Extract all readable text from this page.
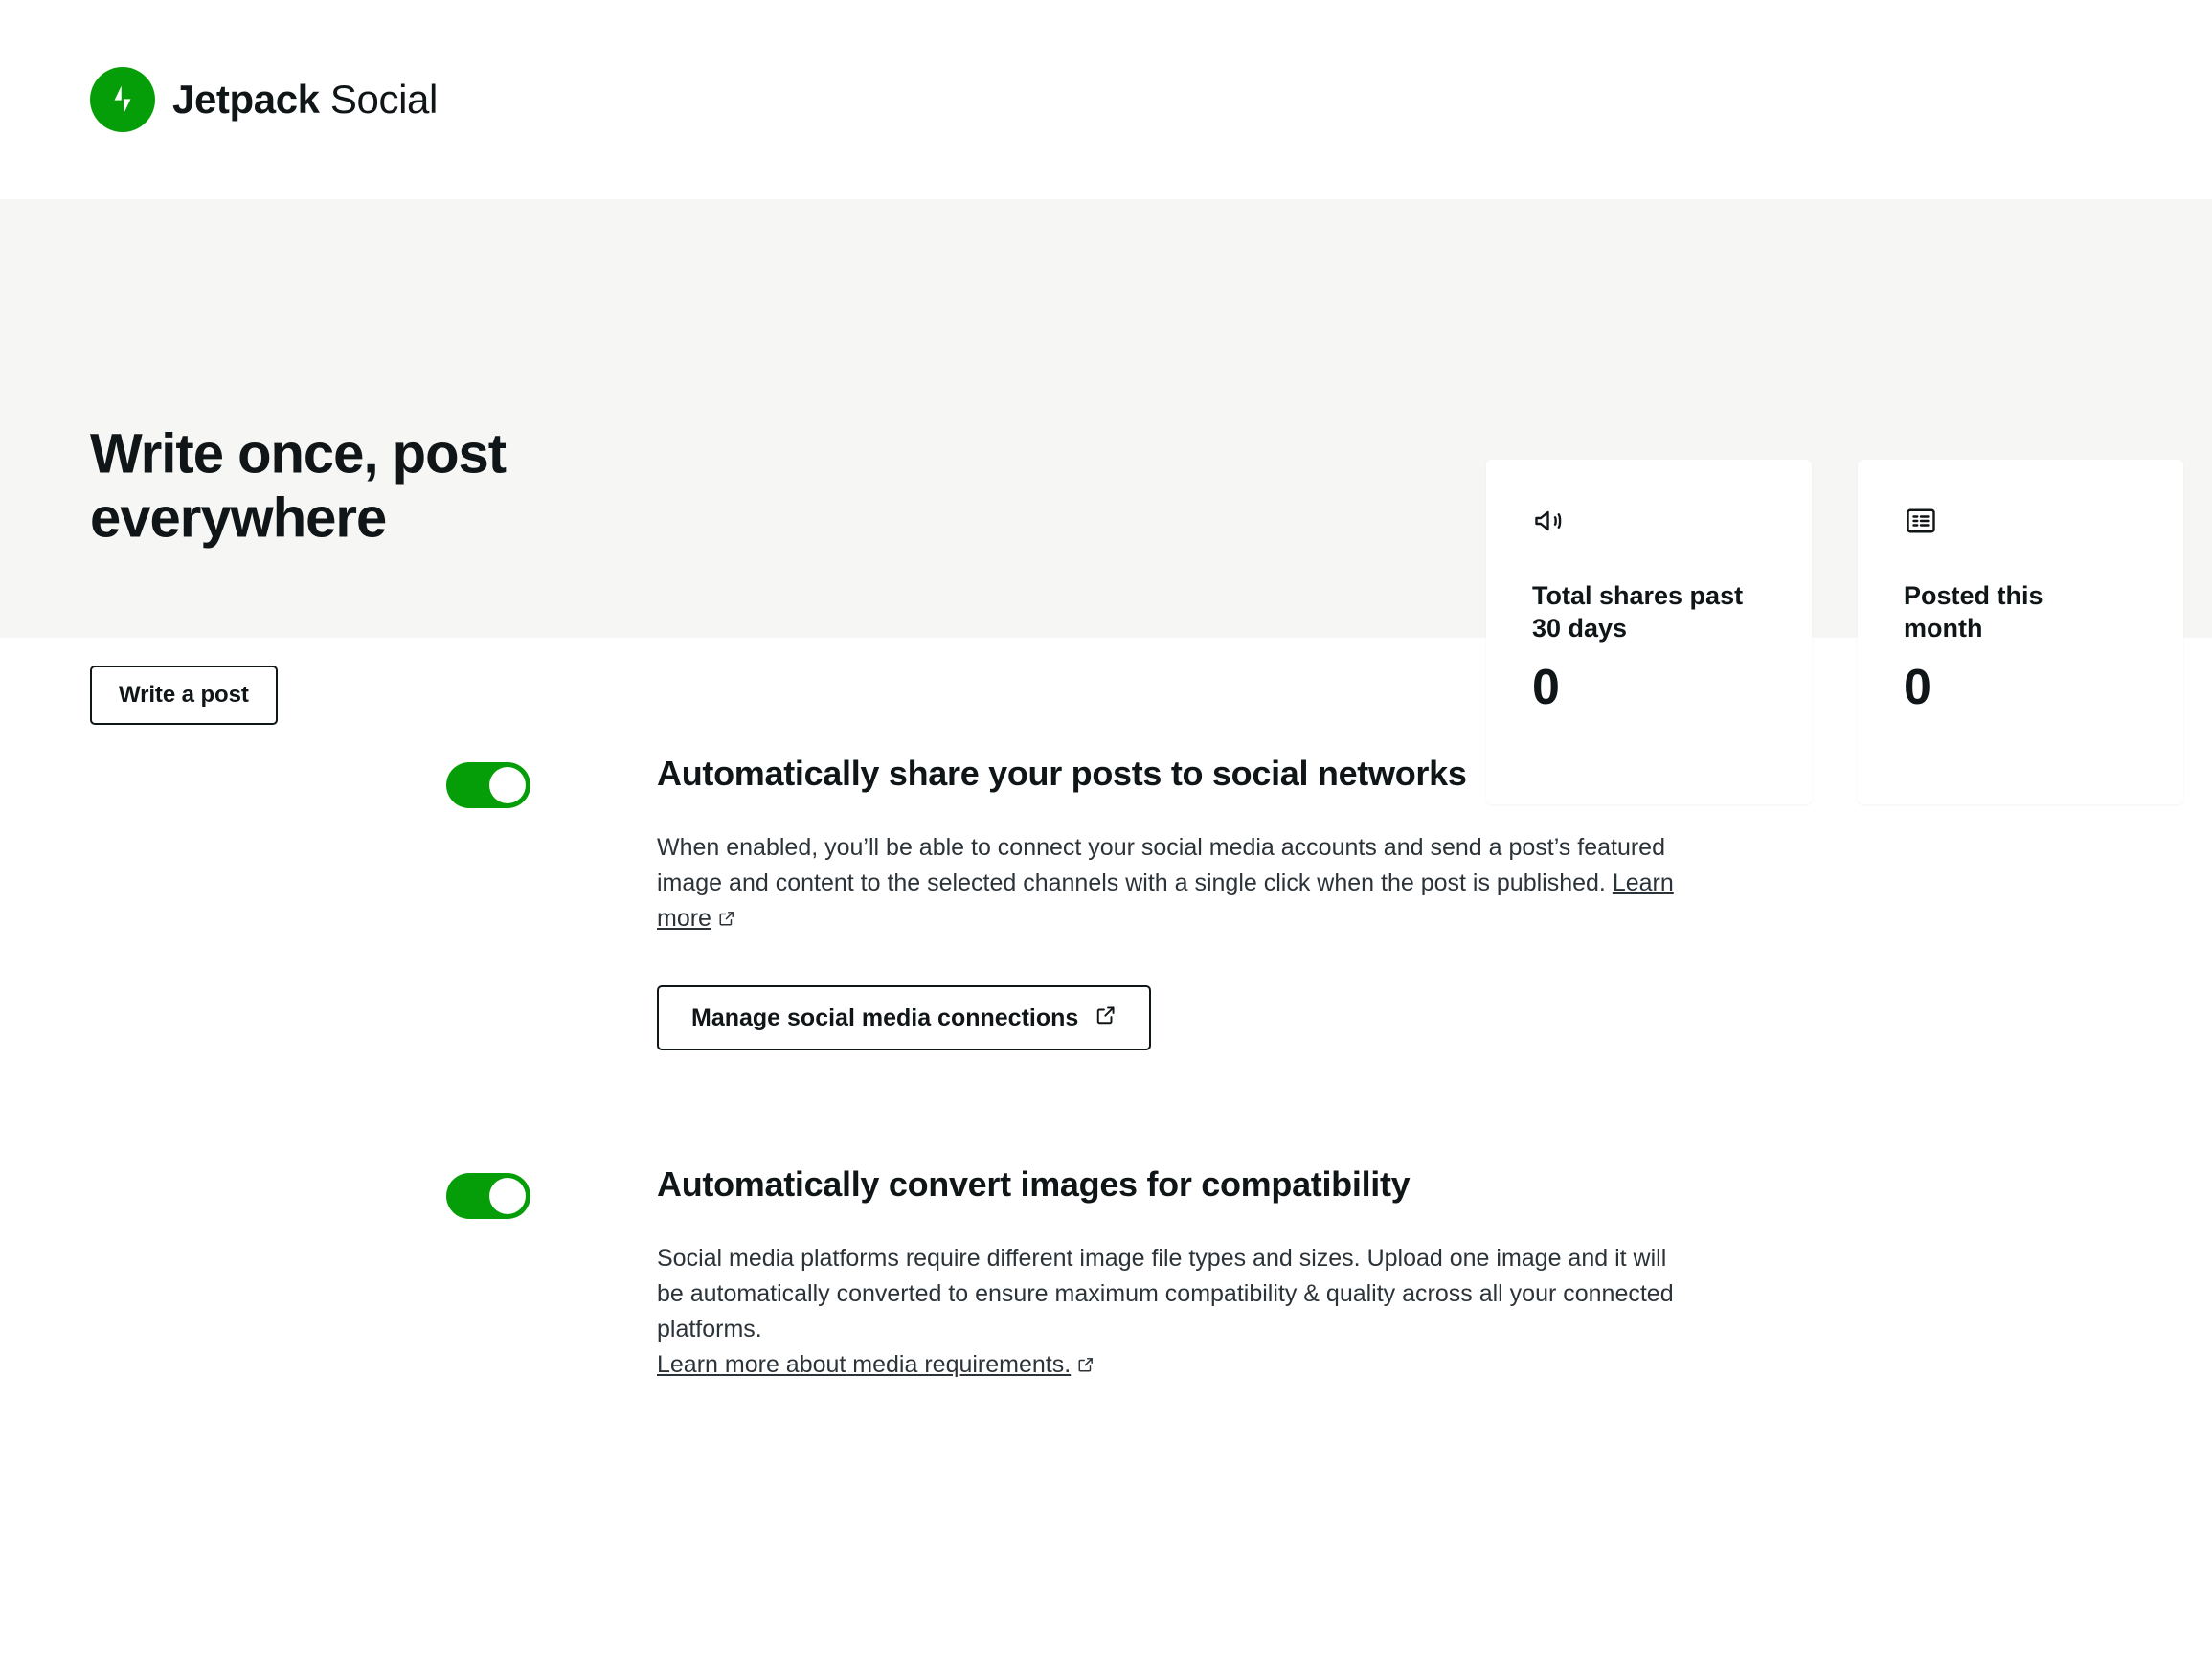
Jetpack Social
Write once, post everywhere
Write a post
Total shares past 30 days
0
Posted this month
0
Automatically share your posts to social networks

When enabled, you’ll be able to connect your social media accounts and send a post’s featured image and content to the selected channels with a single click when the post is published. Learn more

Manage social media connections
Automatically convert images for compatibility

Social media platforms require different image file types and sizes. Upload one image and it will be automatically converted to ensure maximum compatibility & quality across all your connected platforms.
Learn more about media requirements.
